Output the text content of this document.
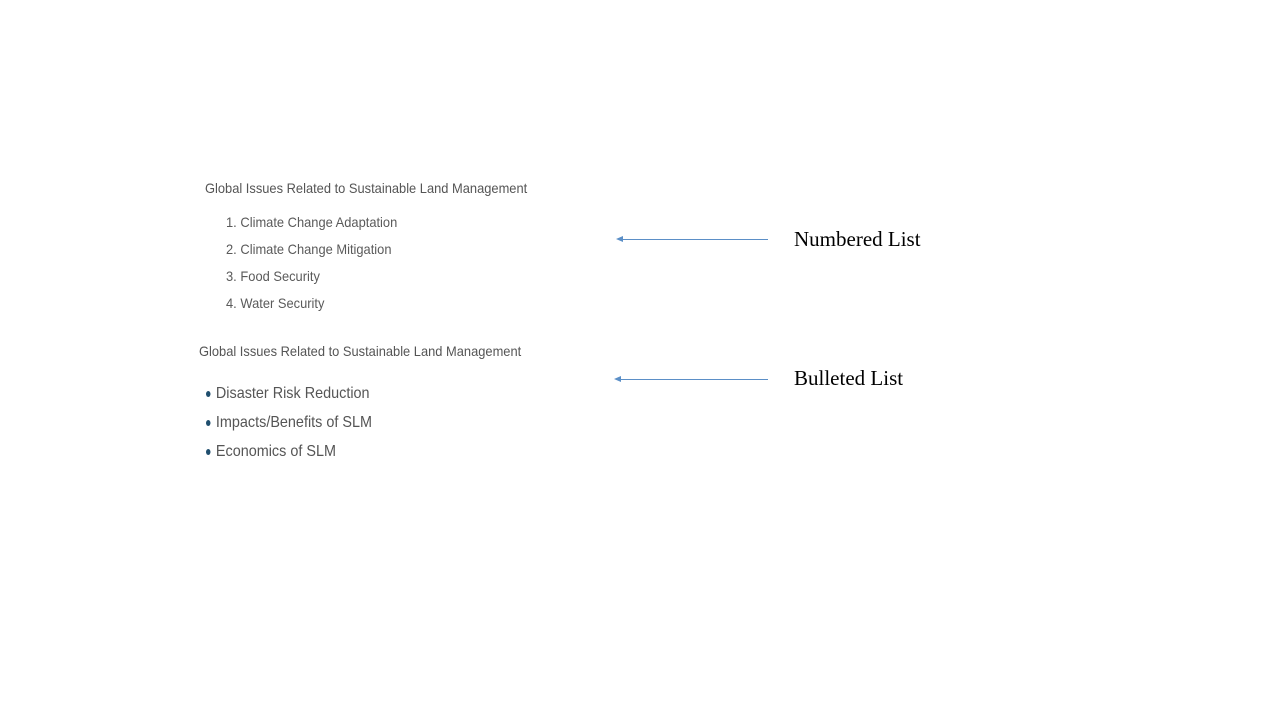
Global Issues Related to Sustainable Land Management
1. Climate Change Adaptation
2. Climate Change Mitigation
3. Food Security
4. Water Security
Global Issues Related to Sustainable Land Management
Disaster Risk Reduction
Impacts/Benefits of SLM
Economics of SLM
Numbered List
Bulleted List
